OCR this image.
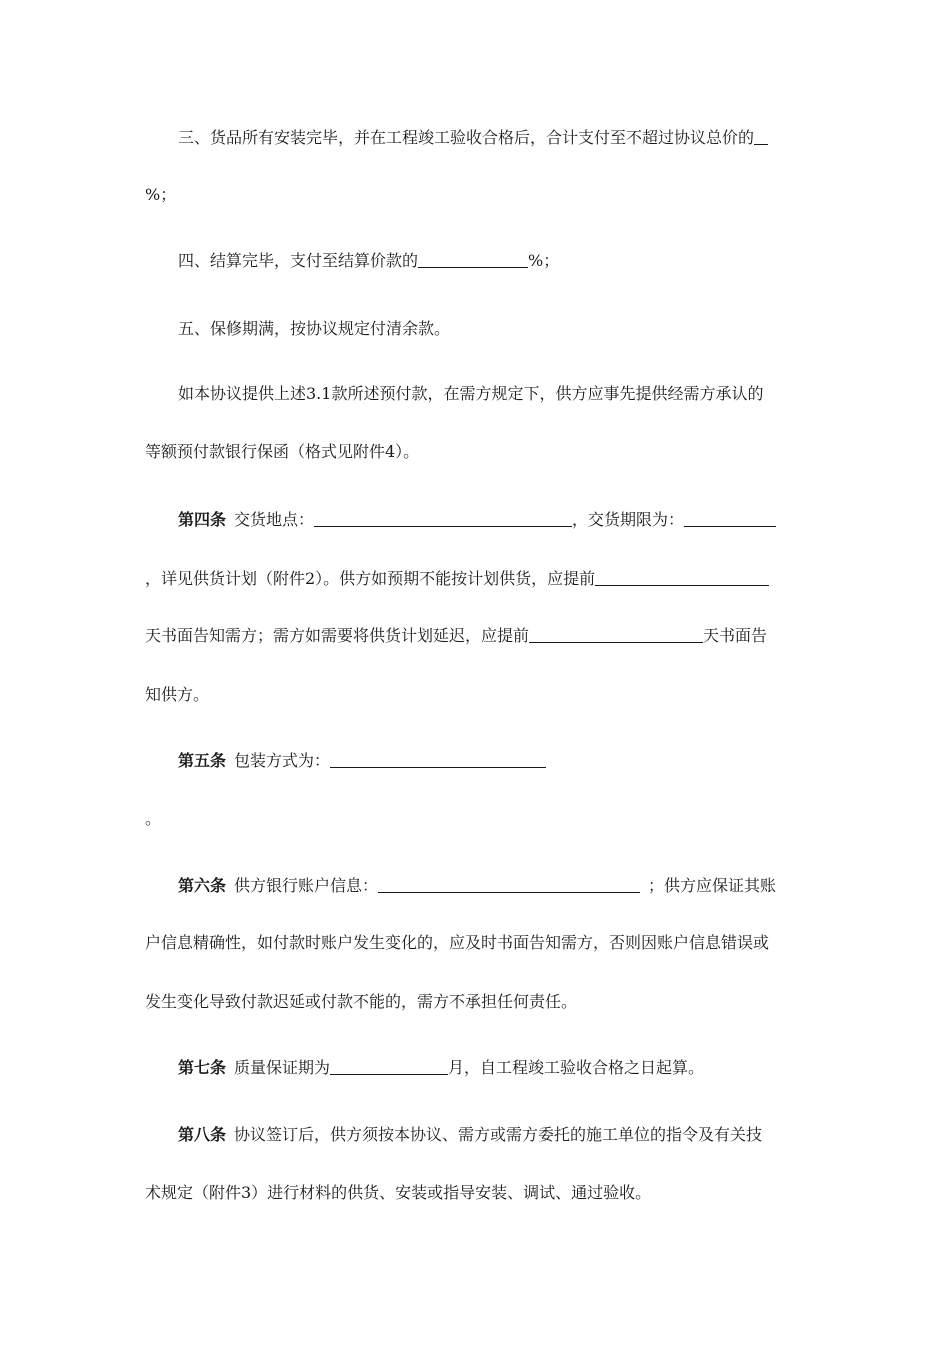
三、货品所有安装完毕，并在工程竣工验收合格后，合计支付至不超过协议总价的
%；
四、结算完毕，支付至结算价款的	%；
五、保修期满，按协议规定付清余款。
如本协议提供上述3.1款所述预付款，在需方规定下，供方应事先提供经需方承认的
等额预付款银行保函（格式见附件4）。
第四条 交货地点：	，交货期限为：
，详见供货计划（附件2）。供方如预期不能按计划供货，应提前
天书面告知需方；需方如需要将供货计划延迟，应提前	天书面告
知供方。
第五条 包装方式为：
。
第六条 供方银行账户信息：	；供方应保证其账
户信息精确性，如付款时账户发生变化的，应及时书面告知需方，否则因账户信息错误或
发生变化导致付款迟延或付款不能的，需方不承担任何责任。
第七条 质量保证期为	月，自工程竣工验收合格之日起算。
第八条 协议签订后，供方须按本协议、需方或需方委托的施工单位的指令及有关技
术规定（附件3）进行材料的供货、安装或指导安装、调试、通过验收。
